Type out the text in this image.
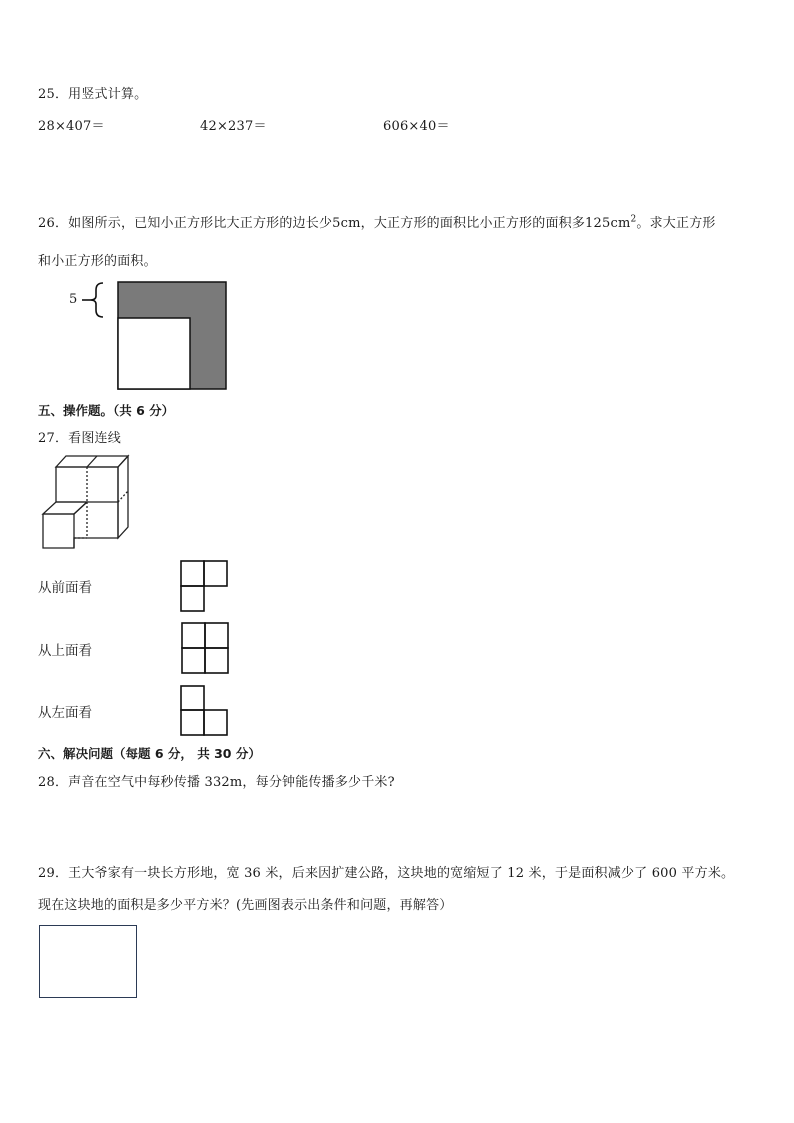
25．用竖式计算。
28×407＝	42×237＝	606×40＝
26．如图所示，已知小正方形比大正方形的边长少5cm，大正方形的面积比小正方形的面积多$125cm^2$。求大正方形
和小正方形的面积。
5
五、操作题。（共 6 分）
27．看图连线
从前面看
从上面看
从左面看
六、解决问题（每题 6 分， 共 30 分）
28．声音在空气中每秒传播 332m，每分钟能传播多少千米?
29．王大爷家有一块长方形地，宽 36 米，后来因扩建公路，这块地的宽缩短了 12 米，于是面积减少了 600 平方米。
现在这块地的面积是多少平方米？(先画图表示出条件和问题，再解答）
